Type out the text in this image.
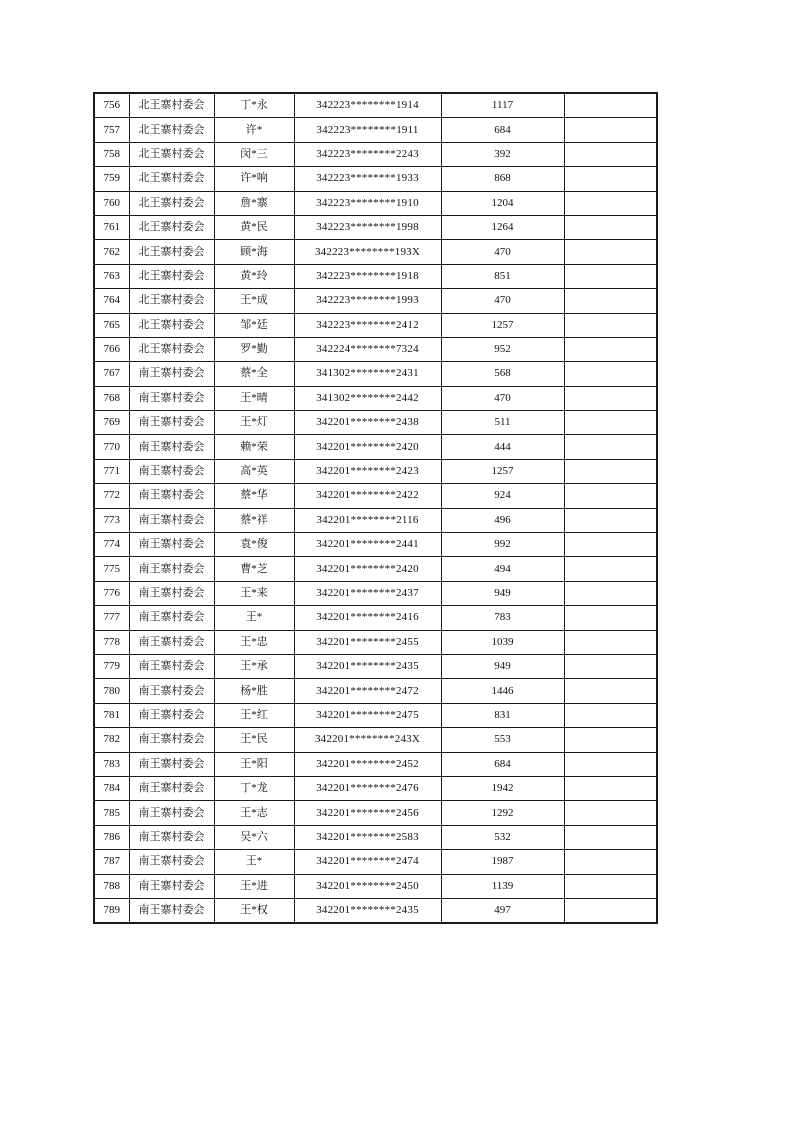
756	北王寨村委会	丁*永	342223********1914	1117	
757	北王寨村委会	许*	342223********1911	684	
758	北王寨村委会	闵*三	342223********2243	392	
759	北王寨村委会	许*响	342223********1933	868	
760	北王寨村委会	詹*寨	342223********1910	1204	
761	北王寨村委会	黄*民	342223********1998	1264	
762	北王寨村委会	顾*海	342223********193X	470	
763	北王寨村委会	黄*玲	342223********1918	851	
764	北王寨村委会	王*成	342223********1993	470	
765	北王寨村委会	邹*廷	342223********2412	1257	
766	北王寨村委会	罗*勤	342224********7324	952	
767	南王寨村委会	蔡*全	341302********2431	568	
768	南王寨村委会	王*晴	341302********2442	470	
769	南王寨村委会	王*灯	342201********2438	511	
770	南王寨村委会	赖*荣	342201********2420	444	
771	南王寨村委会	高*英	342201********2423	1257	
772	南王寨村委会	蔡*华	342201********2422	924	
773	南王寨村委会	蔡*祥	342201********2116	496	
774	南王寨村委会	袁*俊	342201********2441	992	
775	南王寨村委会	曹*芝	342201********2420	494	
776	南王寨村委会	王*来	342201********2437	949	
777	南王寨村委会	王*	342201********2416	783	
778	南王寨村委会	王*忠	342201********2455	1039	
779	南王寨村委会	王*承	342201********2435	949	
780	南王寨村委会	杨*胜	342201********2472	1446	
781	南王寨村委会	王*红	342201********2475	831	
782	南王寨村委会	王*民	342201********243X	553	
783	南王寨村委会	王*阳	342201********2452	684	
784	南王寨村委会	丁*龙	342201********2476	1942	
785	南王寨村委会	王*志	342201********2456	1292	
786	南王寨村委会	吴*六	342201********2583	532	
787	南王寨村委会	王*	342201********2474	1987	
788	南王寨村委会	王*进	342201********2450	1139	
789	南王寨村委会	王*权	342201********2435	497	
